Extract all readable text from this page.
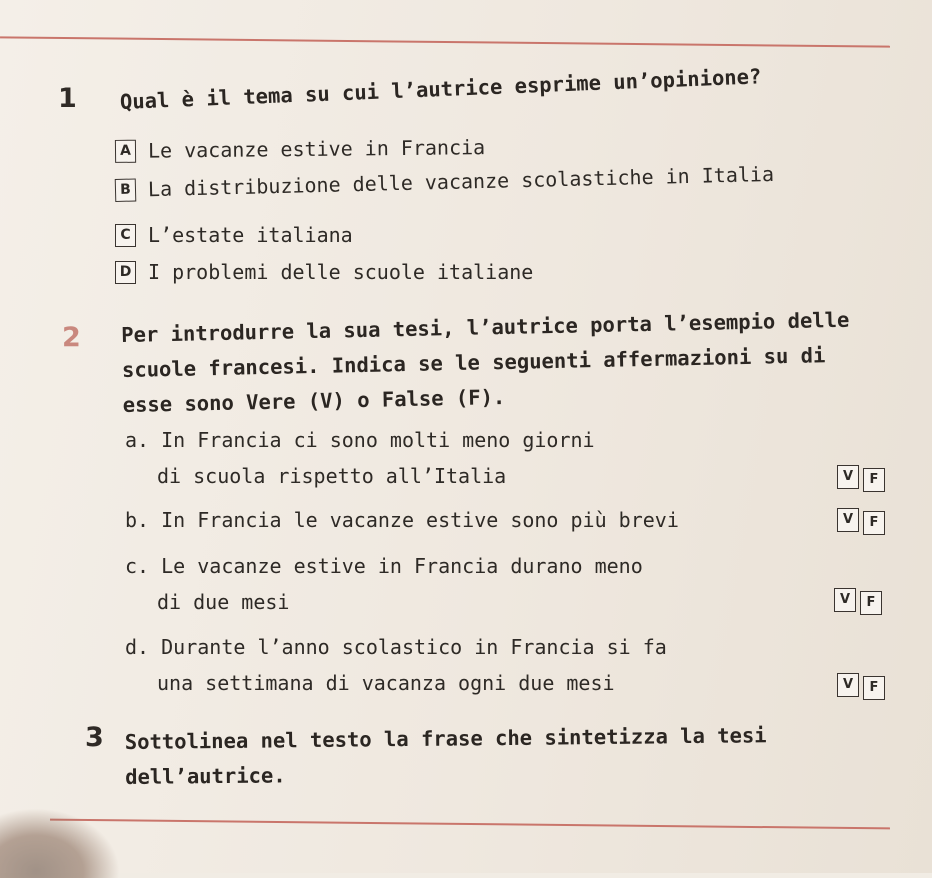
1 Qual è il tema su cui l’autrice esprime un’opinione?
A Le vacanze estive in Francia
B La distribuzione delle vacanze scolastiche in Italia
C L’estate italiana
D I problemi delle scuole italiane
2 Per introdurre la sua tesi, l’autrice porta l’esempio delle
scuole francesi. Indica se le seguenti affermazioni su di
esse sono Vere (V) o False (F).
a. In Francia ci sono molti meno giorni
di scuola rispetto all’Italia	V	F
b. In Francia le vacanze estive sono più brevi	V	F
c. Le vacanze estive in Francia durano meno
di due mesi	V	F
d. Durante l’anno scolastico in Francia si fa
una settimana di vacanza ogni due mesi	V	F
3 Sottolinea nel testo la frase che sintetizza la tesi
dell’autrice.
